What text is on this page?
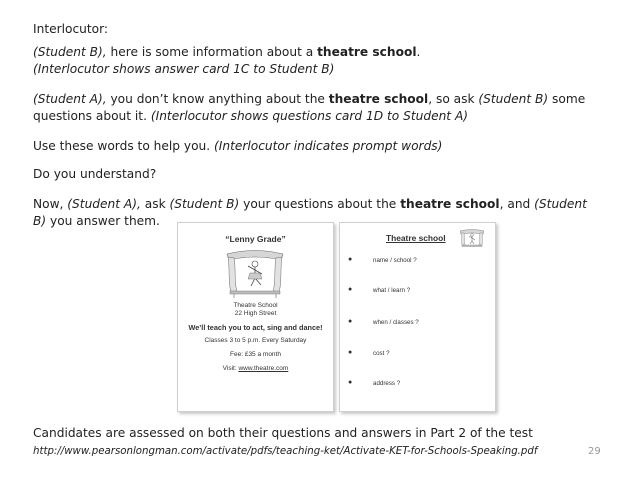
Interlocutor:

(Student B), here is some information about a theatre school.

(Interlocutor shows answer card 1C to Student B)

(Student A), you don’t know anything about the theatre school, so ask (Student B) some

questions about it. (Interlocutor shows questions card 1D to Student A)

Use these words to help you. (Interlocutor indicates prompt words)

Do you understand?

Now, (Student A), ask (Student B) your questions about the theatre school, and (Student

B) you answer them.

“Lenny Grade”
Theatre School
22 High Street
We’ll teach you to act, sing and dance!
Classes 3 to 5 p.m. Every Saturday
Fee: £35 a month
Visit: www.theatre.com
Theatre school
●	name / school ?
●	what / learn ?
●	when / classes ?
●	cost ?
●	address ?

Candidates are assessed on both their questions and answers in Part 2 of the test

http://www.pearsonlongman.com/activate/pdfs/teaching-ket/Activate-KET-for-Schools-Speaking.pdf	29
